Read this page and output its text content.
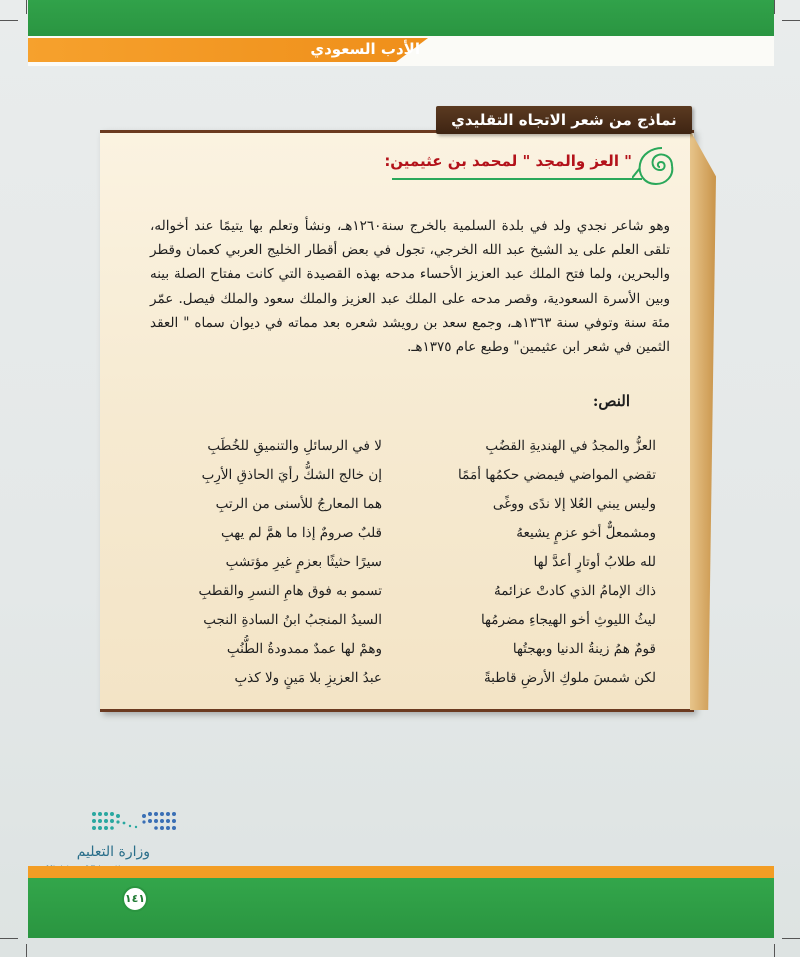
الأدب السعودي
نماذج من شعر الاتجاه التقليدي
" العز والمجد " لمحمد بن عثيمين:
وهو شاعر نجدي ولد في بلدة السلمية بالخرج سنة١٢٦٠هـ، ونشأ وتعلم بها يتيمًا عند أخواله، تلقى العلم على يد الشيخ عبد الله الخرجي، تجول في بعض أقطار الخليج العربي كعمان وقطر والبحرين، ولما فتح الملك عبد العزيز الأحساء مدحه بهذه القصيدة التي كانت مفتاح الصلة بينه وبين الأسرة السعودية، وقصر مدحه على الملك عبد العزيز والملك سعود والملك فيصل. عمّر مئة سنة وتوفي سنة ١٣٦٣هـ، وجمع سعد بن رويشد شعره بعد مماته في ديوان سماه " العقد الثمين في شعر ابن عثيمين" وطبع عام ١٣٧٥هـ.
النص:
العزُّ والمجدُ في الهنديةِ القضُبِ
لا في الرسائلِ والتنميقِ للخُطَبِ
تقضي المواضي فيمضي حكمُها أمَمًا
إن خالج الشكُّ رأيَ الحاذقِ الأرِبِ
وليس يبني العُلا إلا ندًى ووغًى
هما المعارجُ للأسنى من الرتبِ
ومشمعلٌّ أخو عزمٍ يشيعهُ
قلبٌ صرومٌ إذا ما همَّ لم يهبِ
لله طلابُ أوتارٍ أعدَّ لها
سيرًا حثيثًا بعزمٍ غيرِ مؤتشبِ
ذاك الإمامُ الذي كادتْ عزائمهُ
تسمو به فوق هامِ النسرِ والقطبِ
ليثُ الليوثِ أخو الهيجاءِ مضرمُها
السيدُ المنجبُ ابنُ السادةِ النجبِ
قومٌ همُ زينةُ الدنيا وبهجتُها
وهمْ لها عمدٌ ممدودةُ الطُّنُبِ
لكن شمسَ ملوكِ الأرضِ قاطبةً
عبدُ العزيزِ بلا مَينٍ ولا كذبِ
وزارة التعليم
١٤١
